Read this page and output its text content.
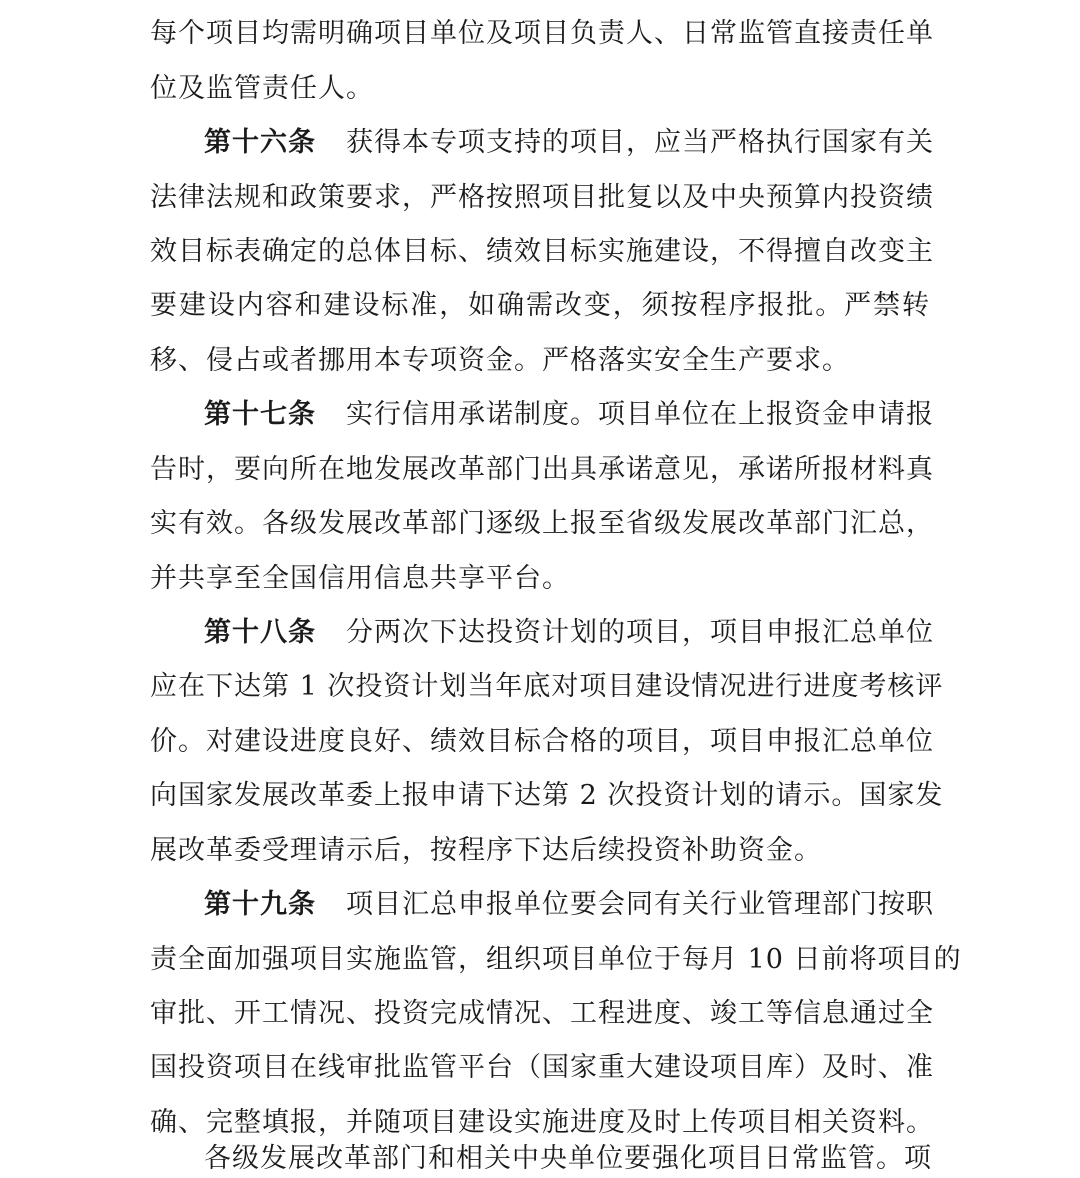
每 个 项 目 均 需 明 确 项 目 单 位 及 项 目 负 责 人 、 日 常 监 管 直 接 责 任 单
位及监管责任人。
第十六条 获 得 本 专 项 支 持 的 项 目 ， 应 当 严 格 执 行 国 家 有 关
法 律 法 规 和 政 策 要 求 ， 严 格 按 照 项 目 批 复 以 及 中 央 预 算 内 投 资 绩
效 目 标 表 确 定 的 总 体 目 标 、 绩 效 目 标 实 施 建 设 ， 不 得 擅 自 改 变 主
要 建 设 内 容 和 建 设 标 准 ， 如 确 需 改 变 ， 须 按 程 序 报 批 。 严 禁 转
移、侵占或者挪用本专项资金。严格落实安全生产要求。
第十七条 实 行 信 用 承 诺 制 度 。 项 目 单 位 在 上 报 资 金 申 请 报
告 时 ， 要 向 所 在 地 发 展 改 革 部 门 出 具 承 诺 意 见 ， 承 诺 所 报 材 料 真
实 有 效 。 各 级 发 展 改 革 部 门 逐 级 上 报 至 省 级 发 展 改 革 部 门 汇 总 ，
并共享至全国信用信息共享平台。
第十八条 分 两 次 下 达 投 资 计 划 的 项 目 ， 项 目 申 报 汇 总 单 位
应 在 下 达 第
1
次 投 资 计 划 当 年 底 对 项 目 建 设 情 况 进 行 进 度 考 核 评
价 。 对 建 设 进 度 良 好 、 绩 效 目 标 合 格 的 项 目 ， 项 目 申 报 汇 总 单 位
向 国 家 发 展 改 革 委 上 报 申 请 下 达 第
2
次 投 资 计 划 的 请 示 。 国 家 发
展改革委受理请示后，按程序下达后续投资补助资金。
第十九条 项 目 汇 总 申 报 单 位 要 会 同 有 关 行 业 管 理 部 门 按 职
责 全 面 加 强 项 目 实 施 监 管 ， 组 织 项 目 单 位 于 每 月
1 0
日 前 将 项 目 的
审 批 、 开 工 情 况 、 投 资 完 成 情 况 、 工 程 进 度 、 竣 工 等 信 息 通 过 全
国 投 资 项 目 在 线 审 批 监 管 平 台 （ 国 家 重 大 建 设 项 目 库 ） 及 时 、 准
确、完整填报，并随项目建设实施进度及时上传项目相关资料。
各 级 发 展 改 革 部 门 和 相 关 中 央 单 位 要 强 化 项 目 日 常 监 管 。 项
